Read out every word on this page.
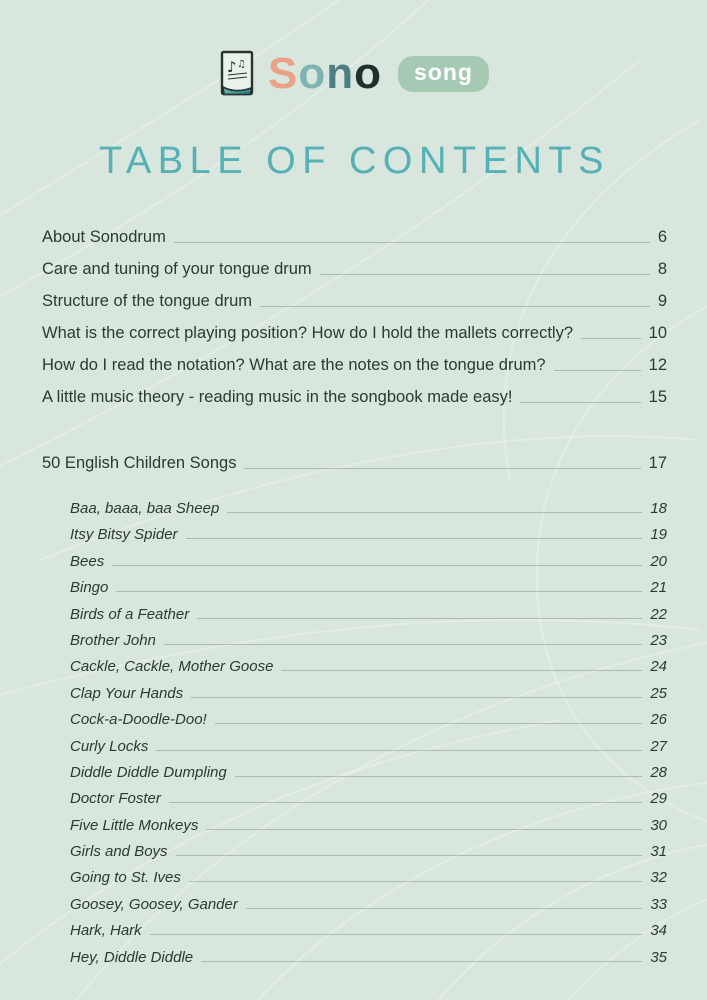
♪ ♫ S o n o	song
TABLE OF CONTENTS
About Sonodrum	6
Care and tuning of your tongue drum	8
Structure of the tongue drum	9
What is the correct playing position? How do I hold the mallets correctly?	10
How do I read the notation? What are the notes on the tongue drum?	12
A little music theory - reading music in the songbook made easy!	15
50 English Children Songs	17
Baa, baaa, baa Sheep	18
Itsy Bitsy Spider	19
Bees	20
Bingo	21
Birds of a Feather	22
Brother John	23
Cackle, Cackle, Mother Goose	24
Clap Your Hands	25
Cock-a-Doodle-Doo!	26
Curly Locks	27
Diddle Diddle Dumpling	28
Doctor Foster	29
Five Little Monkeys	30
Girls and Boys	31
Going to St. Ives	32
Goosey, Goosey, Gander	33
Hark, Hark	34
Hey, Diddle Diddle	35
